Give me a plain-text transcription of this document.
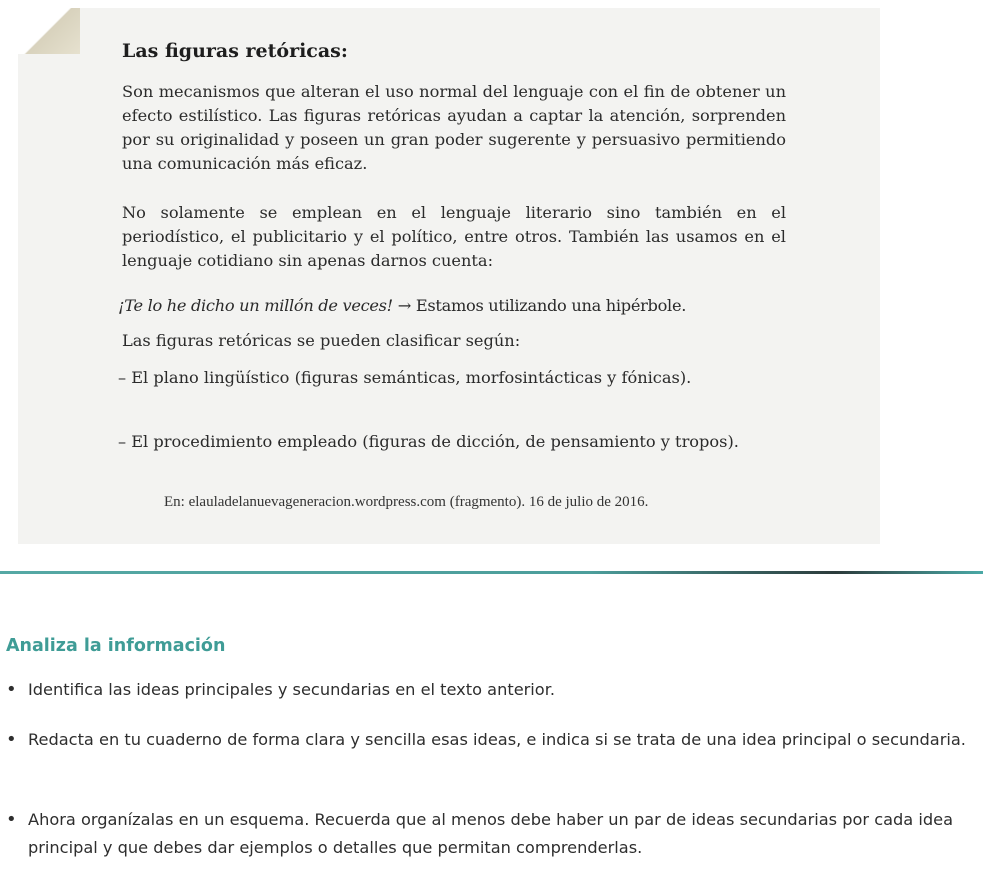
Las figuras retóricas:
Son mecanismos que alteran el uso normal del lenguaje con el fin de obtener un efecto estilístico. Las figuras retóricas ayudan a captar la atención, sorprenden por su originalidad y poseen un gran poder sugerente y persuasivo permitiendo una comunicación más eficaz.
No solamente se emplean en el lenguaje literario sino también en el periodístico, el publicitario y el político, entre otros. También las usamos en el lenguaje cotidiano sin apenas darnos cuenta:
¡Te lo he dicho un millón de veces! → Estamos utilizando una hipérbole.
Las figuras retóricas se pueden clasificar según:
– El plano lingüístico (figuras semánticas, morfosintácticas y fónicas).
– El procedimiento empleado (figuras de dicción, de pensamiento y tropos).
En: elauladelanuevageneracion.wordpress.com (fragmento). 16 de julio de 2016.
Analiza la información
• Identifica las ideas principales y secundarias en el texto anterior.
• Redacta en tu cuaderno de forma clara y sencilla esas ideas, e indica si se trata de una idea principal o secundaria.
• Ahora organízalas en un esquema. Recuerda que al menos debe haber un par de ideas secundarias por cada idea principal y que debes dar ejemplos o detalles que permitan comprenderlas.
